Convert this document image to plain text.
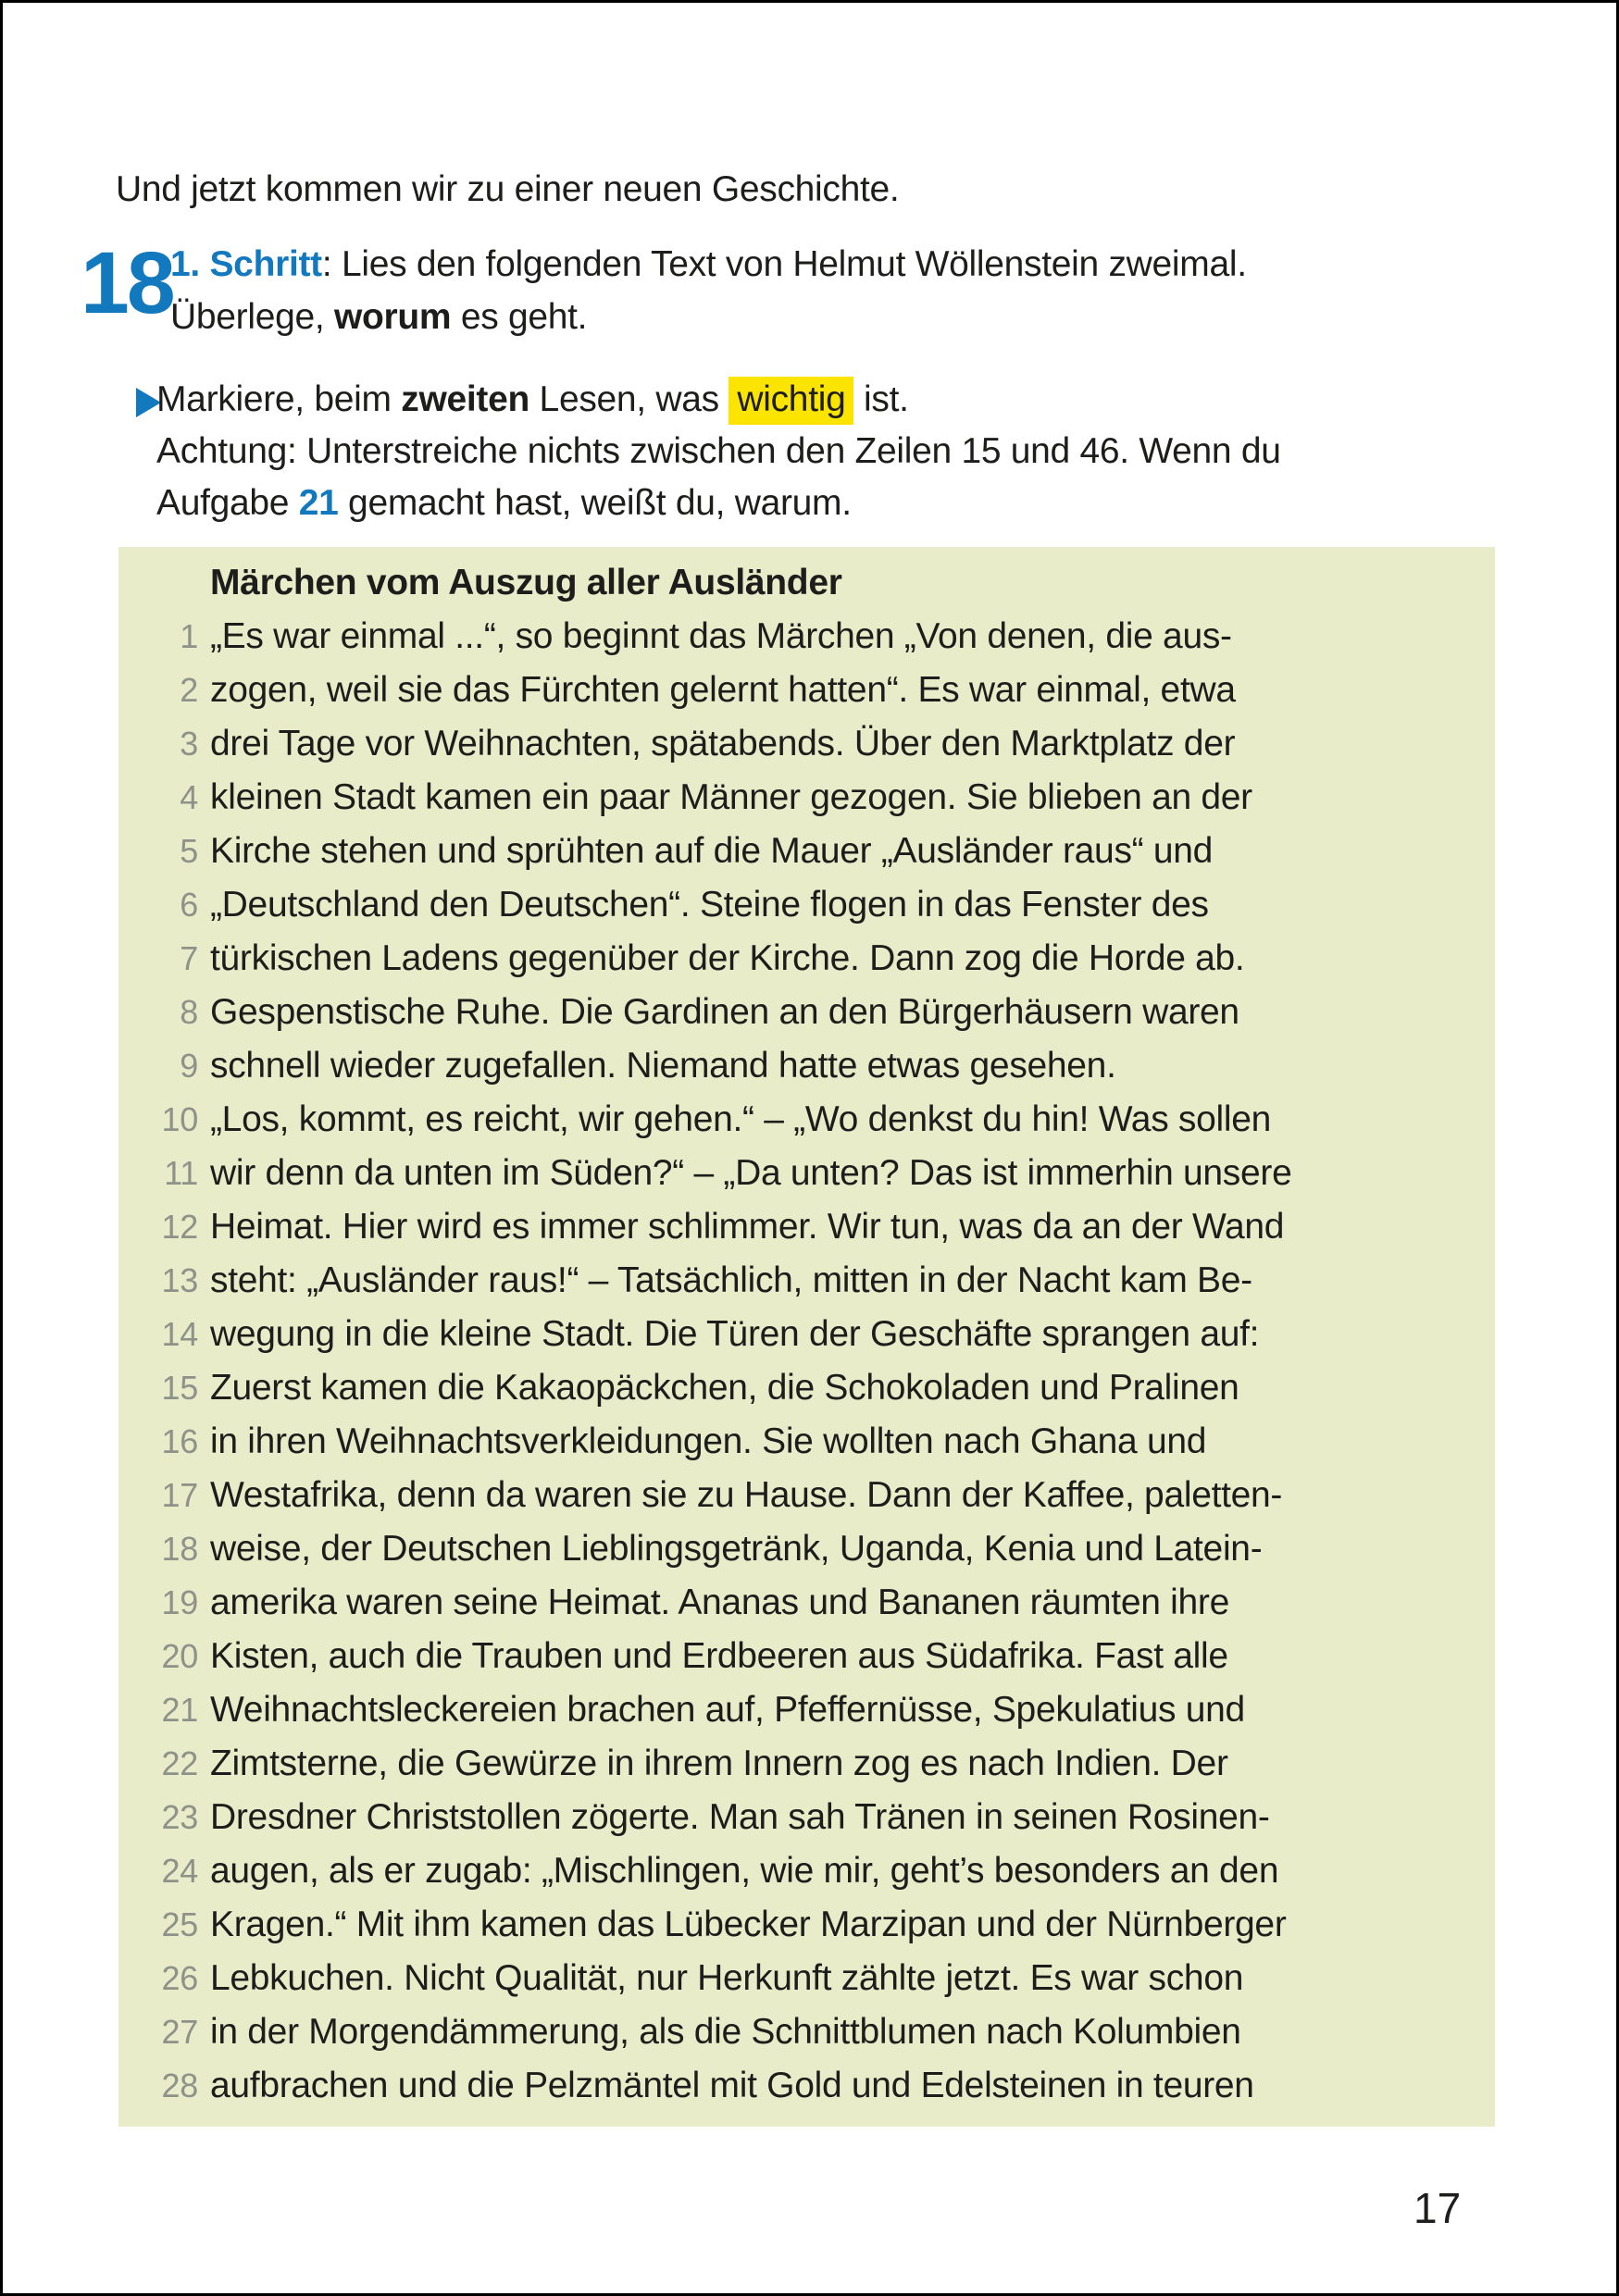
Und jetzt kommen wir zu einer neuen Geschichte.
18
1. Schritt: Lies den folgenden Text von Helmut Wöllenstein zweimal.
Überlege, worum es geht.
Markiere, beim zweiten Lesen, was wichtig ist.
Achtung: Unterstreiche nichts zwischen den Zeilen 15 und 46. Wenn du
Aufgabe 21 gemacht hast, weißt du, warum.
Märchen vom Auszug aller Ausländer
1 „Es war einmal ...“, so beginnt das Märchen „Von denen, die aus-
2 zogen, weil sie das Fürchten gelernt hatten“. Es war einmal, etwa
3 drei Tage vor Weihnachten, spätabends. Über den Marktplatz der
4 kleinen Stadt kamen ein paar Männer gezogen. Sie blieben an der
5 Kirche stehen und sprühten auf die Mauer „Ausländer raus“ und
6 „Deutschland den Deutschen“. Steine flogen in das Fenster des
7 türkischen Ladens gegenüber der Kirche. Dann zog die Horde ab.
8 Gespenstische Ruhe. Die Gardinen an den Bürgerhäusern waren
9 schnell wieder zugefallen. Niemand hatte etwas gesehen.
10 „Los, kommt, es reicht, wir gehen.“ – „Wo denkst du hin! Was sollen
11 wir denn da unten im Süden?“ – „Da unten? Das ist immerhin unsere
12 Heimat. Hier wird es immer schlimmer. Wir tun, was da an der Wand
13 steht: „Ausländer raus!“ – Tatsächlich, mitten in der Nacht kam Be-
14 wegung in die kleine Stadt. Die Türen der Geschäfte sprangen auf:
15 Zuerst kamen die Kakaopäckchen, die Schokoladen und Pralinen
16 in ihren Weihnachtsverkleidungen. Sie wollten nach Ghana und
17 Westafrika, denn da waren sie zu Hause. Dann der Kaffee, paletten-
18 weise, der Deutschen Lieblingsgetränk, Uganda, Kenia und Latein-
19 amerika waren seine Heimat. Ananas und Bananen räumten ihre
20 Kisten, auch die Trauben und Erdbeeren aus Südafrika. Fast alle
21 Weihnachtsleckereien brachen auf, Pfeffernüsse, Spekulatius und
22 Zimtsterne, die Gewürze in ihrem Innern zog es nach Indien. Der
23 Dresdner Christstollen zögerte. Man sah Tränen in seinen Rosinen-
24 augen, als er zugab: „Mischlingen, wie mir, geht’s besonders an den
25 Kragen.“ Mit ihm kamen das Lübecker Marzipan und der Nürnberger
26 Lebkuchen. Nicht Qualität, nur Herkunft zählte jetzt. Es war schon
27 in der Morgendämmerung, als die Schnittblumen nach Kolumbien
28 aufbrachen und die Pelzmäntel mit Gold und Edelsteinen in teuren
17
